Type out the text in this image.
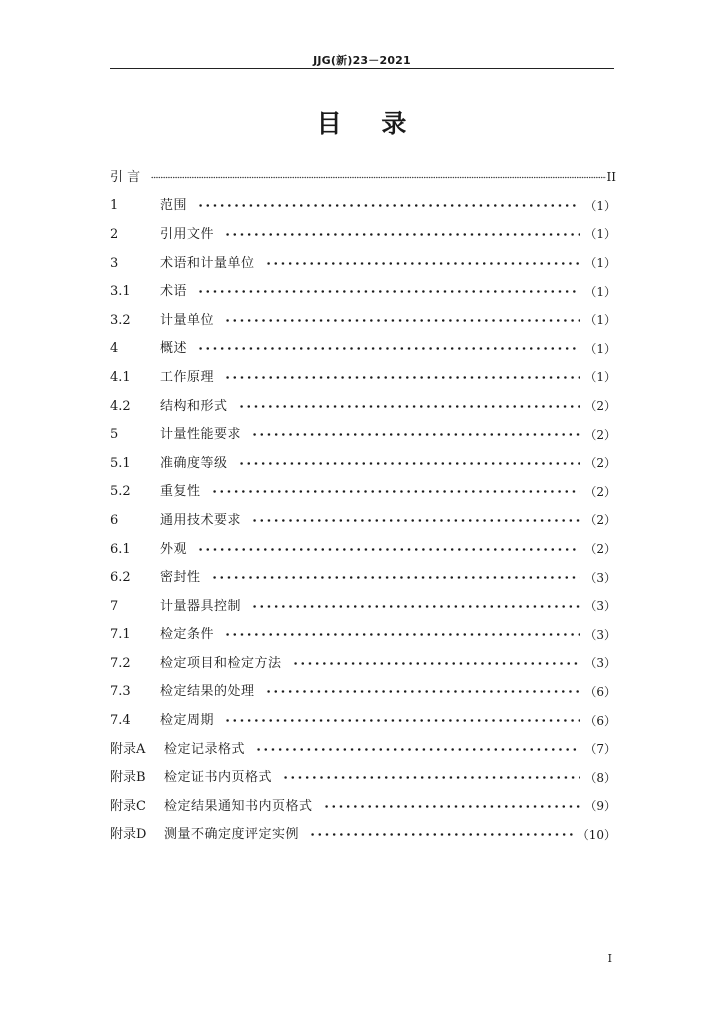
JJG(新)23－2021
目    录
引 言	II
1	范围	（1）
2	引用文件	（1）
3	术语和计量单位	（1）
3.1	术语	（1）
3.2	计量单位	（1）
4	概述	（1）
4.1	工作原理	（1）
4.2	结构和形式	（2）
5	计量性能要求	（2）
5.1	准确度等级	（2）
5.2	重复性	（2）
6	通用技术要求	（2）
6.1	外观	（2）
6.2	密封性	（3）
7	计量器具控制	（3）
7.1	检定条件	（3）
7.2	检定项目和检定方法	（3）
7.3	检定结果的处理	（6）
7.4	检定周期	（6）
附录A	检定记录格式	（7）
附录B	检定证书内页格式	（8）
附录C	检定结果通知书内页格式	（9）
附录D	测量不确定度评定实例	（10）
I
